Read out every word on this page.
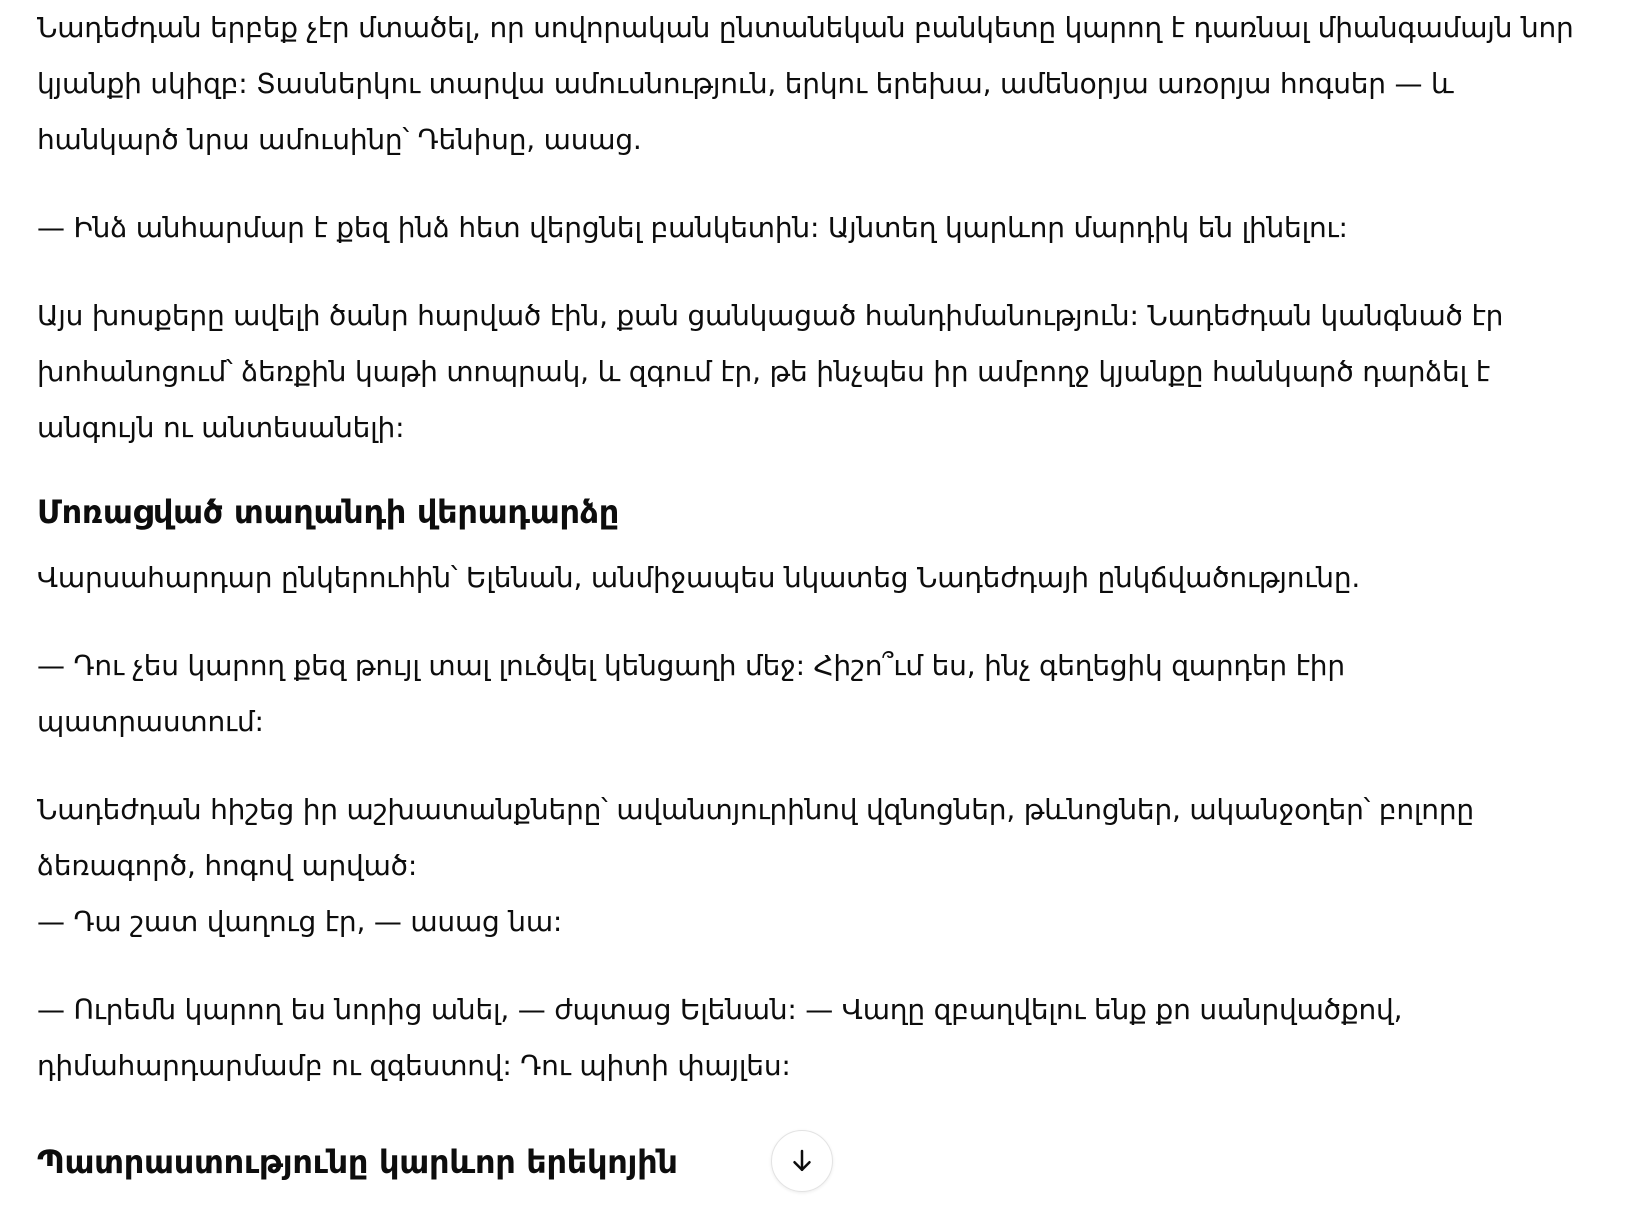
Նադեժդան երբեք չէր մտածել, որ սովորական ընտանեկան բանկետը կարող է դառնալ միանգամայն նոր կյանքի սկիզբ: Տասներկու տարվա ամուսնություն, երկու երեխա, ամենօրյա առօրյա հոգսեր — և հանկարծ նրա ամուսինը՝ Դենիսը, ասաց.

— Ինձ անհարմար է քեզ ինձ հետ վերցնել բանկետին: Այնտեղ կարևոր մարդիկ են լինելու:

Այս խոսքերը ավելի ծանր հարված էին, քան ցանկացած հանդիմանություն: Նադեժդան կանգնած էր խոհանոցում՝ ձեռքին կաթի տոպրակ, և զգում էր, թե ինչպես իր ամբողջ կյանքը հանկարծ դարձել է անգույն ու անտեսանելի:

Մոռացված տաղանդի վերադարձը

Վարսահարդար ընկերուհին՝ Ելենան, անմիջապես նկատեց Նադեժդայի ընկճվածությունը.

— Դու չես կարող քեզ թույլ տալ լուծվել կենցաղի մեջ: Հիշո՞ւմ ես, ինչ գեղեցիկ զարդեր էիր պատրաստում:

Նադեժդան հիշեց իր աշխատանքները՝ ավանտյուրինով վզնոցներ, թևնոցներ, ականջօղեր՝ բոլորը ձեռագործ, հոգով արված:

— Դա շատ վաղուց էր, — ասաց նա:

— Ուրեմն կարող ես նորից անել, — ժպտաց Ելենան: — Վաղը զբաղվելու ենք քո սանրվածքով, դիմահարդարմամբ ու զգեստով: Դու պիտի փայլես:

Պատրաստությունը կարևոր երեկոյին
